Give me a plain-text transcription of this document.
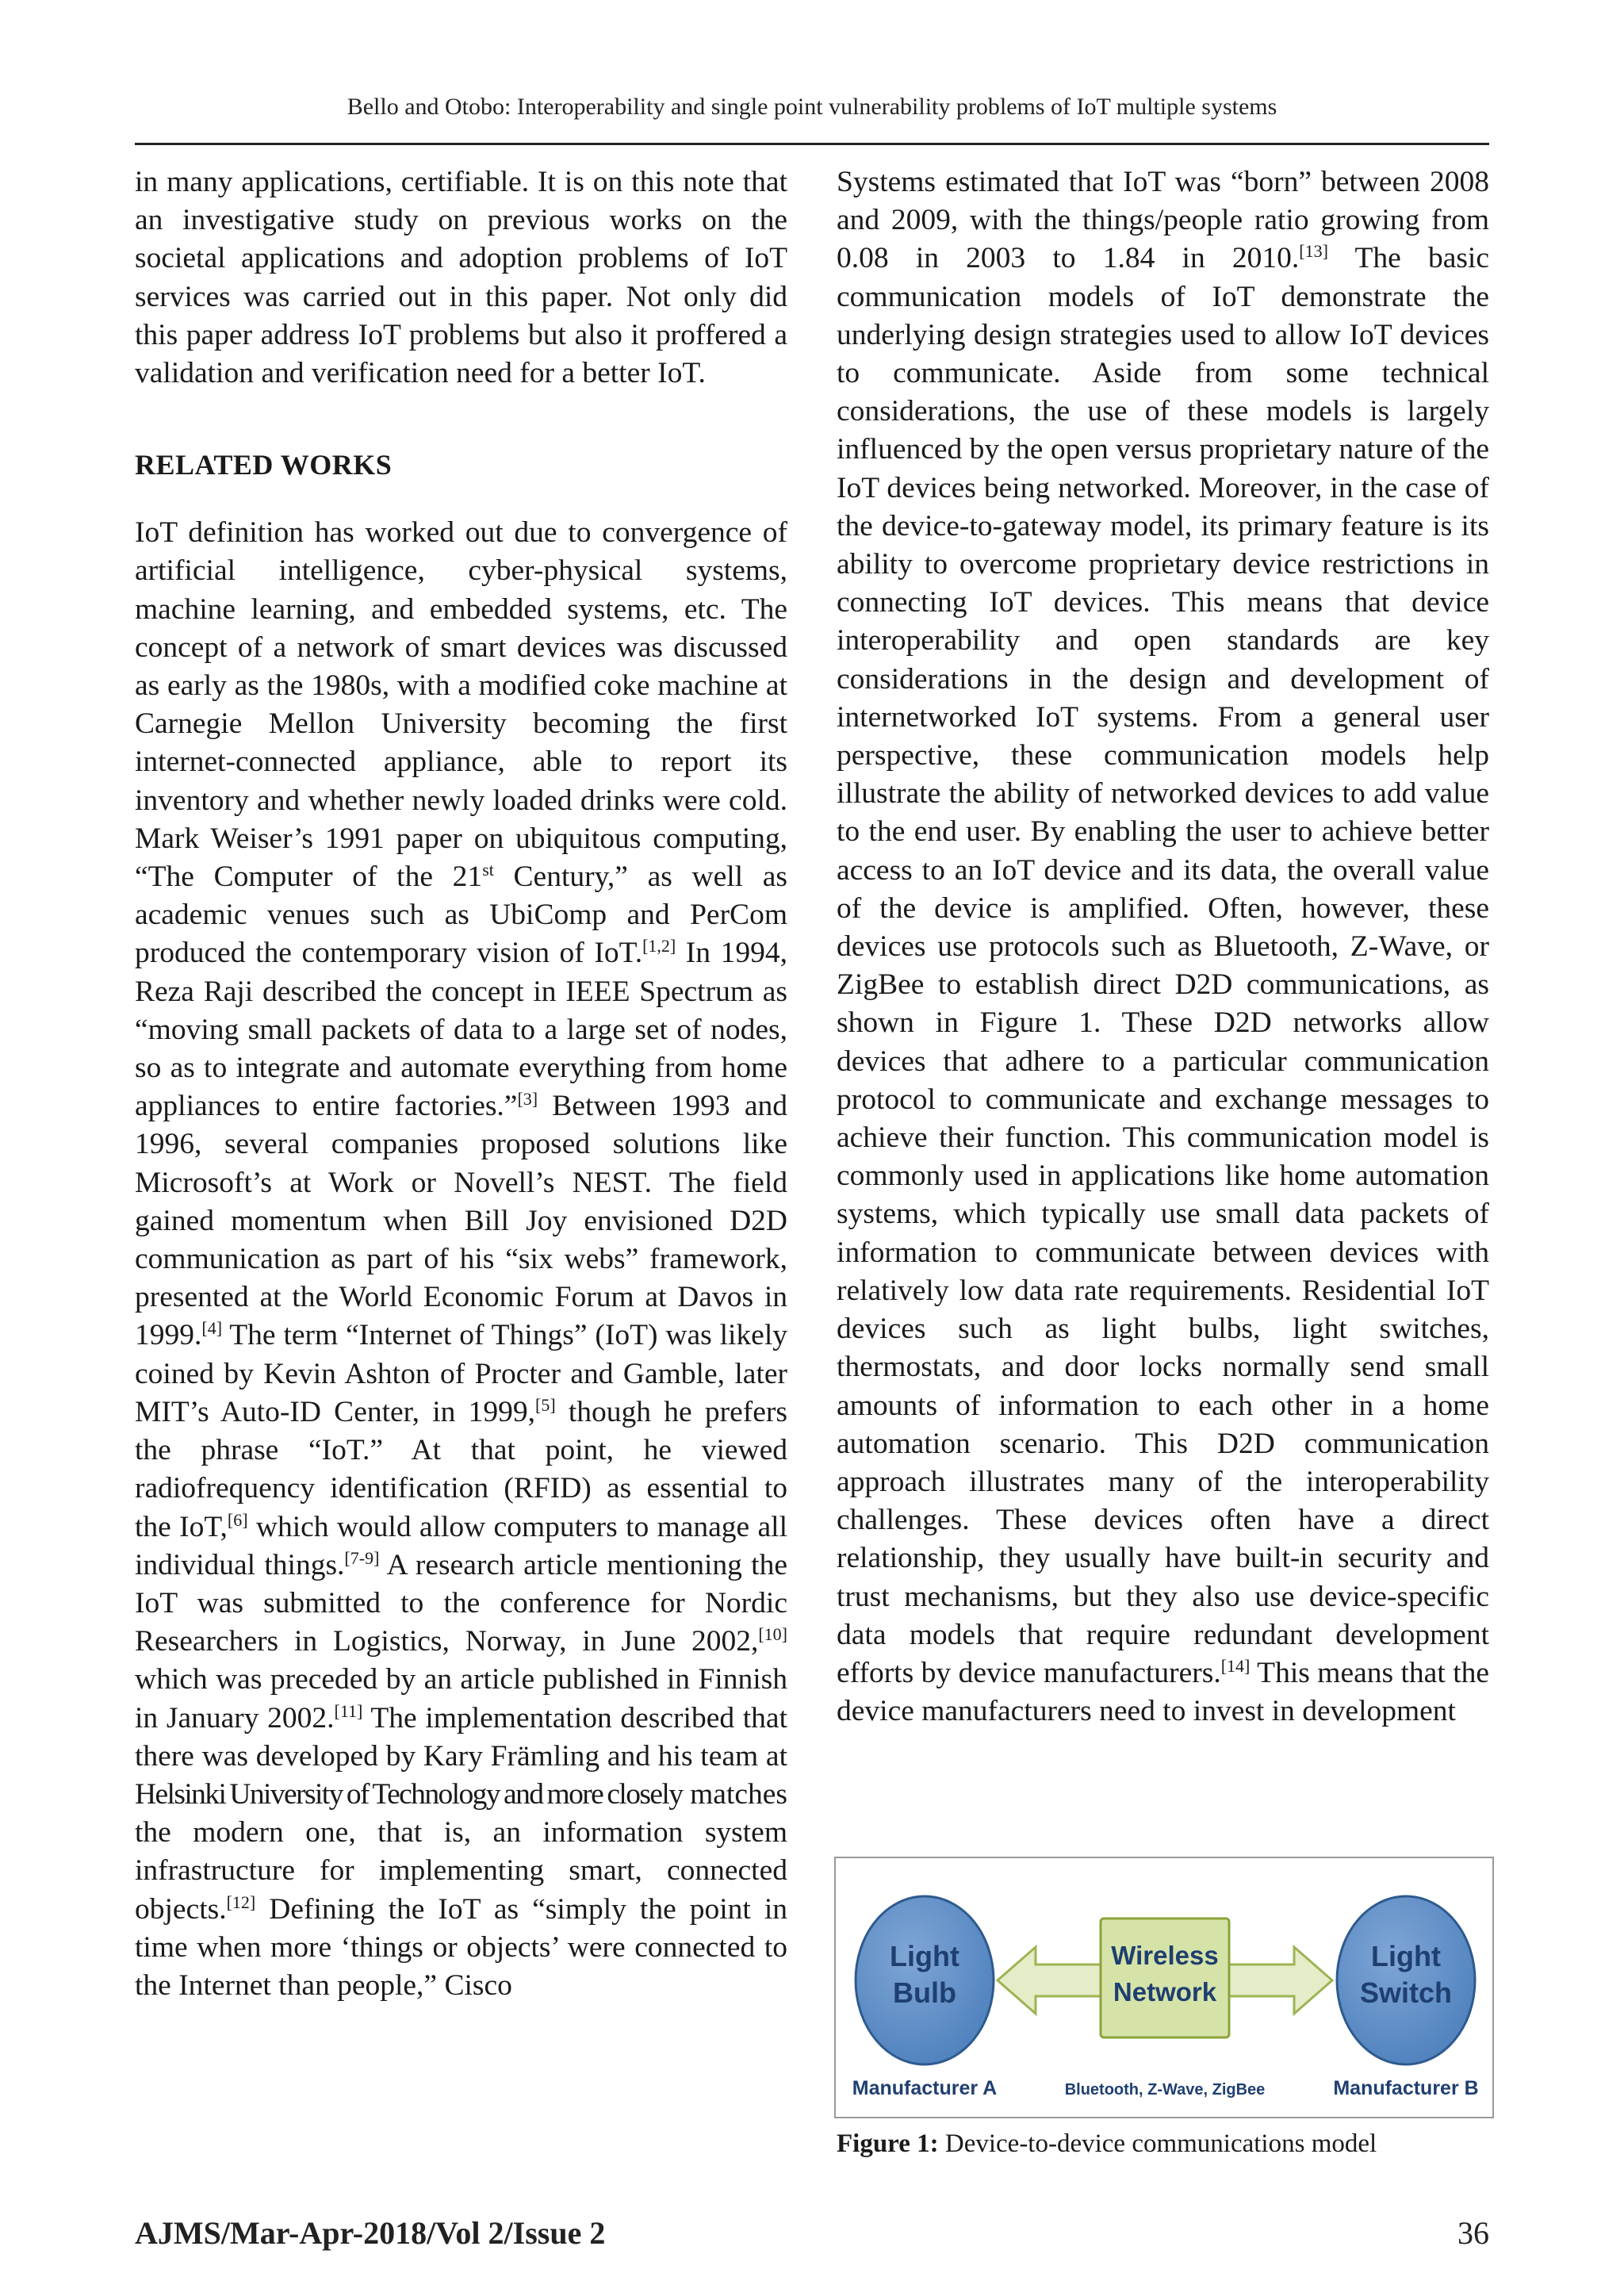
Bello and Otobo: Interoperability and single point vulnerability problems of IoT multiple systems

in many applications, certifiable. It is on this note that an investigative study on previous works on the societal applications and adoption problems of IoT services was carried out in this paper. Not only did this paper address IoT problems but also it proffered a validation and verification need for a better IoT.

RELATED WORKS

IoT definition has worked out due to convergence of artificial intelligence, cyber-physical systems, machine learning, and embedded systems, etc. The concept of a network of smart devices was discussed as early as the 1980s, with a modified coke machine at Carnegie Mellon University becoming the first internet-connected appliance, able to report its inventory and whether newly loaded drinks were cold. Mark Weiser’s 1991 paper on ubiquitous computing, “The Computer of the 21st Century,” as well as academic venues such as UbiComp and PerCom produced the contemporary vision of IoT.[1,2] In 1994, Reza Raji described the concept in IEEE Spectrum as “moving small packets of data to a large set of nodes, so as to integrate and automate everything from home appliances to entire factories.”[3] Between 1993 and 1996, several companies proposed solutions like Microsoft’s at Work or Novell’s NEST. The field gained momentum when Bill Joy envisioned D2D communication as part of his “six webs” framework, presented at the World Economic Forum at Davos in 1999.[4] The term “Internet of Things” (IoT) was likely coined by Kevin Ashton of Procter and Gamble, later MIT’s Auto-ID Center, in 1999,[5] though he prefers the phrase “IoT.” At that point, he viewed radiofrequency identification (RFID) as essential to the IoT,[6] which would allow computers to manage all individual things.[7-9] A research article mentioning the IoT was submitted to the conference for Nordic Researchers in Logistics, Norway, in June 2002,[10] which was preceded by an article published in Finnish in January 2002.[11] The implementation described that there was developed by Kary Främling and his team at Helsinki University of Technology and more closely matches the modern one, that is, an information system infrastructure for implementing smart, connected objects.[12] Defining the IoT as “simply the point in time when more ‘things or objects’ were connected to the Internet than people,” Cisco

Systems estimated that IoT was “born” between 2008 and 2009, with the things/people ratio growing from 0.08 in 2003 to 1.84 in 2010.[13] The basic communication models of IoT demonstrate the underlying design strategies used to allow IoT devices to communicate. Aside from some technical considerations, the use of these models is largely influenced by the open versus proprietary nature of the IoT devices being networked. Moreover, in the case of the device-to-gateway model, its primary feature is its ability to overcome proprietary device restrictions in connecting IoT devices. This means that device interoperability and open standards are key considerations in the design and development of internetworked IoT systems. From a general user perspective, these communication models help illustrate the ability of networked devices to add value to the end user. By enabling the user to achieve better access to an IoT device and its data, the overall value of the device is amplified. Often, however, these devices use protocols such as Bluetooth, Z-Wave, or ZigBee to establish direct D2D communications, as shown in Figure 1. These D2D networks allow devices that adhere to a particular communication protocol to communicate and exchange messages to achieve their function. This communication model is commonly used in applications like home automation systems, which typically use small data packets of information to communicate between devices with relatively low data rate requirements. Residential IoT devices such as light bulbs, light switches, thermostats, and door locks normally send small amounts of information to each other in a home automation scenario. This D2D communication approach illustrates many of the interoperability challenges. These devices often have a direct relationship, they usually have built-in security and trust mechanisms, but they also use device-specific data models that require redundant development efforts by device manufacturers.[14] This means that the device manufacturers need to invest in development

Light
Bulb
Wireless
Network
Light
Switch
Manufacturer A	Bluetooth, Z-Wave, ZigBee	Manufacturer B
Figure 1: Device-to-device communications model
AJMS/Mar-Apr-2018/Vol 2/Issue 2	36
